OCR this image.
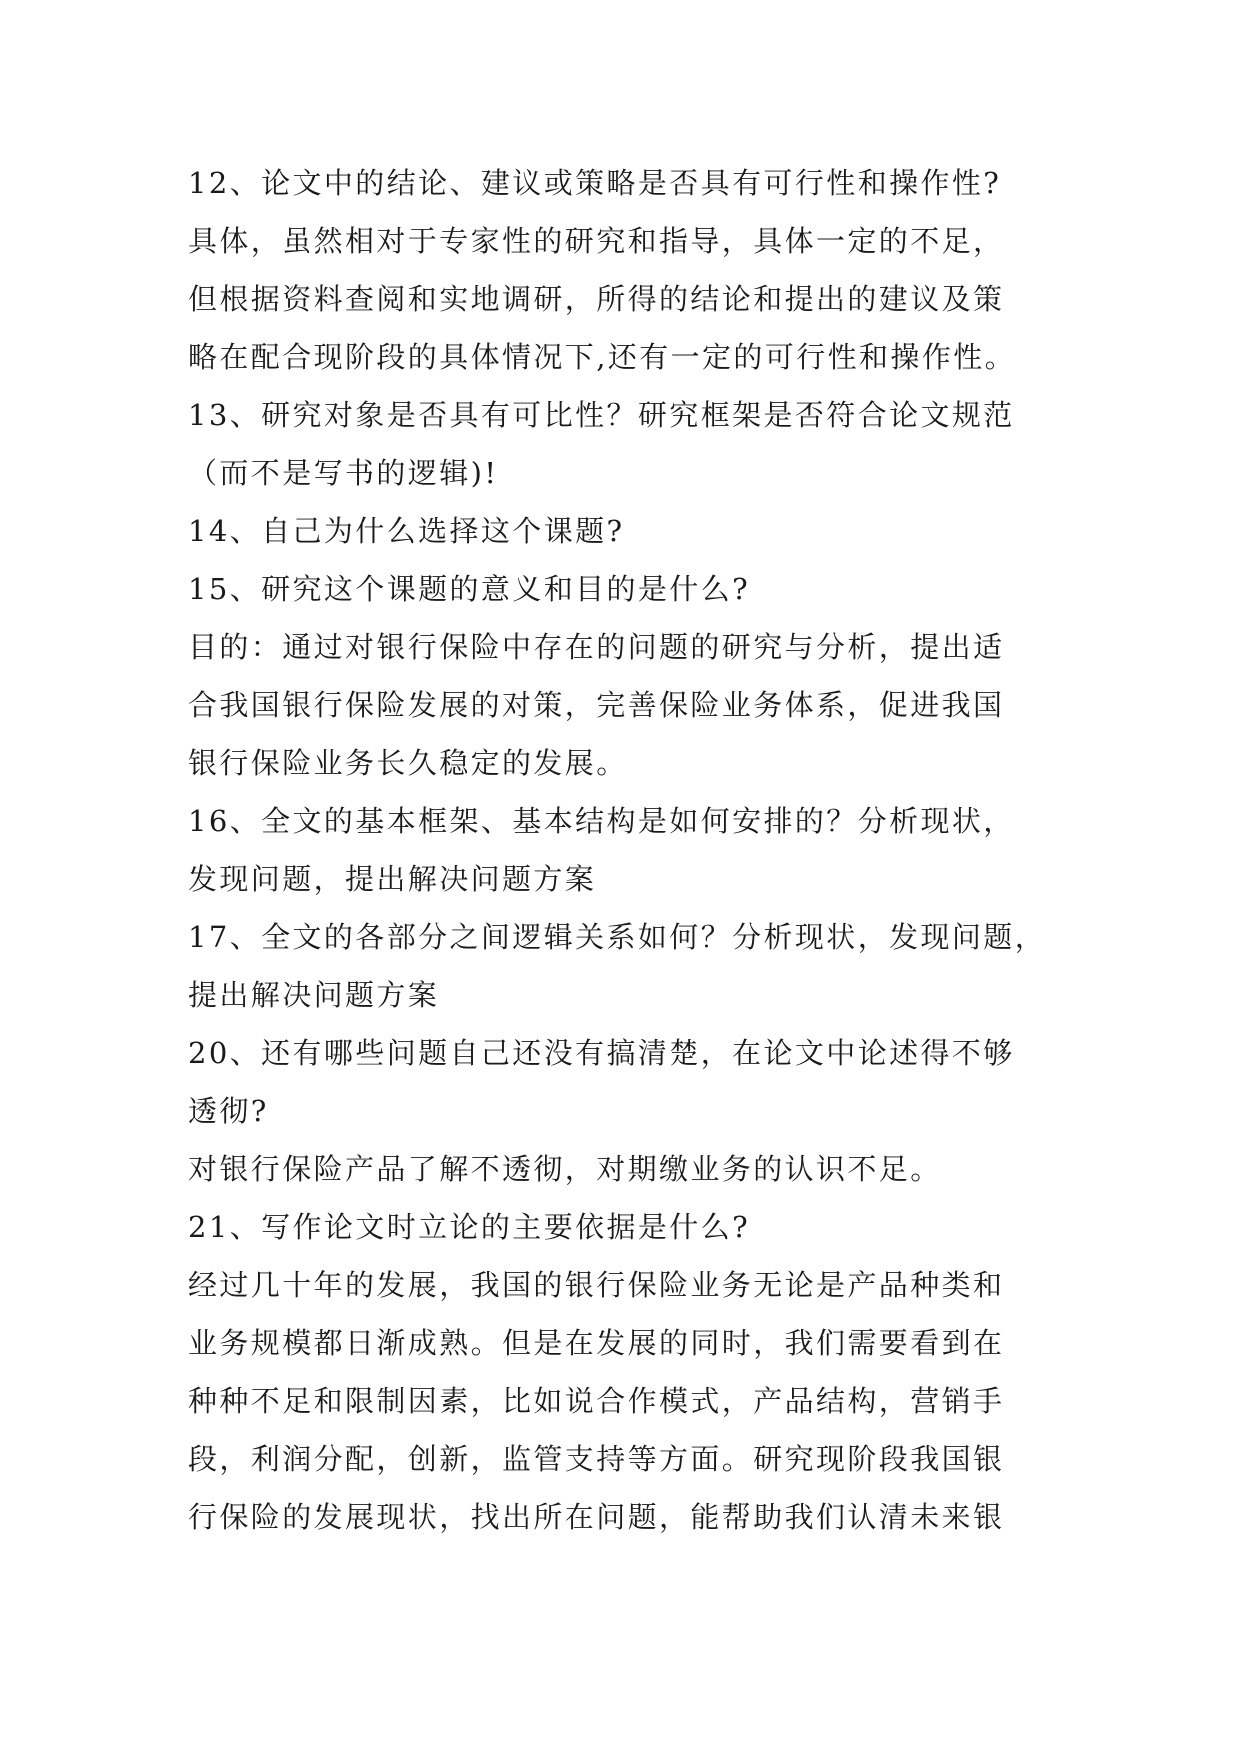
12、论文中的结论、建议或策略是否具有可行性和操作性?
具体，虽然相对于专家性的研究和指导，具体一定的不足，
但根据资料查阅和实地调研，所得的结论和提出的建议及策
略在配合现阶段的具体情况下,还有一定的可行性和操作性。
13、研究对象是否具有可比性？研究框架是否符合论文规范
（而不是写书的逻辑)!
14、自己为什么选择这个课题?
15、研究这个课题的意义和目的是什么?
目的：通过对银行保险中存在的问题的研究与分析，提出适
合我国银行保险发展的对策，完善保险业务体系，促进我国
银行保险业务长久稳定的发展。
16、全文的基本框架、基本结构是如何安排的？分析现状，
发现问题，提出解决问题方案
17、全文的各部分之间逻辑关系如何？分析现状，发现问题，
提出解决问题方案
20、还有哪些问题自己还没有搞清楚，在论文中论述得不够
透彻?
对银行保险产品了解不透彻，对期缴业务的认识不足。
21、写作论文时立论的主要依据是什么?
经过几十年的发展，我国的银行保险业务无论是产品种类和
业务规模都日渐成熟。但是在发展的同时，我们需要看到在
种种不足和限制因素，比如说合作模式，产品结构，营销手
段，利润分配，创新，监管支持等方面。研究现阶段我国银
行保险的发展现状，找出所在问题，能帮助我们认清未来银
